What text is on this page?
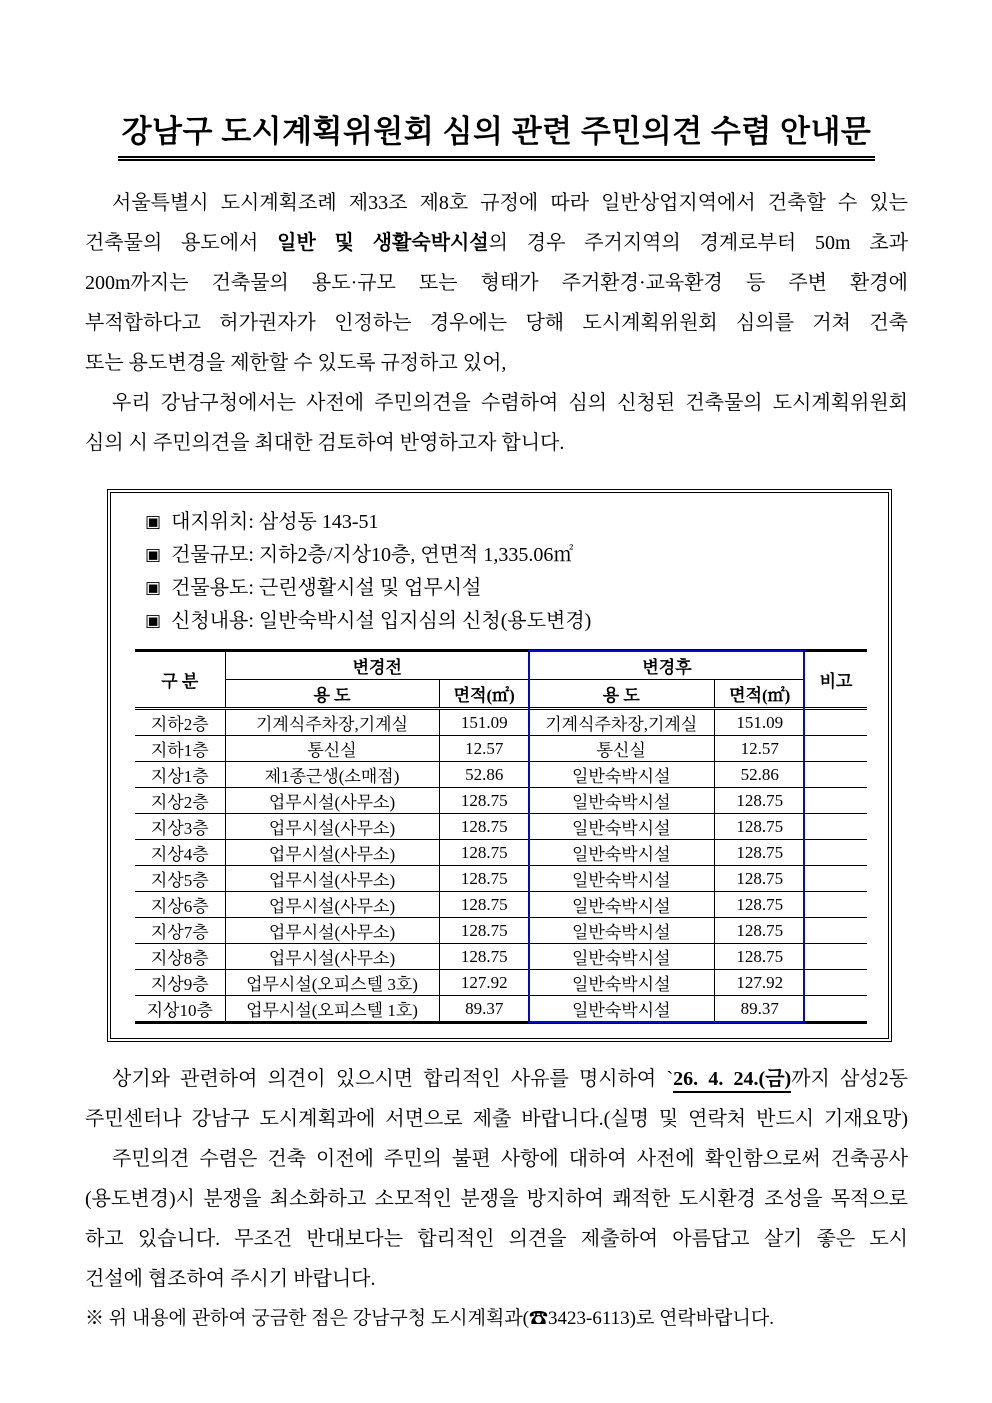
강남구 도시계획위원회 심의 관련 주민의견 수렴 안내문
서울특별시 도시계획조례 제33조 제8호 규정에 따라 일반상업지역에서 건축할 수 있는
건축물의 용도에서 일반 및 생활숙박시설의 경우 주거지역의 경계로부터 50m 초과
200m까지는 건축물의 용도·규모 또는 형태가 주거환경·교육환경 등 주변 환경에
부적합하다고 허가권자가 인정하는 경우에는 당해 도시계획위원회 심의를 거쳐 건축
또는 용도변경을 제한할 수 있도록 규정하고 있어,
우리 강남구청에서는 사전에 주민의견을 수렴하여 심의 신청된 건축물의 도시계획위원회
심의 시 주민의견을 최대한 검토하여 반영하고자 합니다.
▣ 대지위치: 삼성동 143-51
▣ 건물규모: 지하2층/지상10층, 연면적 1,335.06㎡
▣ 건물용도: 근린생활시설 및 업무시설
▣ 신청내용: 일반숙박시설 입지심의 신청(용도변경)
구 분	변경전		변경후		비고
	용 도	면적(㎡)	용 도	면적(㎡)	
지하2층	기계식주차장,기계실	151.09	기계식주차장,기계실	151.09	
지하1층	통신실	12.57	통신실	12.57	
지상1층	제1종근생(소매점)	52.86	일반숙박시설	52.86	
지상2층	업무시설(사무소)	128.75	일반숙박시설	128.75	
지상3층	업무시설(사무소)	128.75	일반숙박시설	128.75	
지상4층	업무시설(사무소)	128.75	일반숙박시설	128.75	
지상5층	업무시설(사무소)	128.75	일반숙박시설	128.75	
지상6층	업무시설(사무소)	128.75	일반숙박시설	128.75	
지상7층	업무시설(사무소)	128.75	일반숙박시설	128.75	
지상8층	업무시설(사무소)	128.75	일반숙박시설	128.75	
지상9층	업무시설(오피스텔 3호)	127.92	일반숙박시설	127.92	
지상10층	업무시설(오피스텔 1호)	89.37	일반숙박시설	89.37	
상기와 관련하여 의견이 있으시면 합리적인 사유를 명시하여 `26. 4. 24.(금)까지 삼성2동
주민센터나 강남구 도시계획과에 서면으로 제출 바랍니다.(실명 및 연락처 반드시 기재요망)
주민의견 수렴은 건축 이전에 주민의 불편 사항에 대하여 사전에 확인함으로써 건축공사
(용도변경)시 분쟁을 최소화하고 소모적인 분쟁을 방지하여 쾌적한 도시환경 조성을 목적으로
하고 있습니다. 무조건 반대보다는 합리적인 의견을 제출하여 아름답고 살기 좋은 도시
건설에 협조하여 주시기 바랍니다.
※ 위 내용에 관하여 궁금한 점은 강남구청 도시계획과(☎3423-6113)로 연락바랍니다.
